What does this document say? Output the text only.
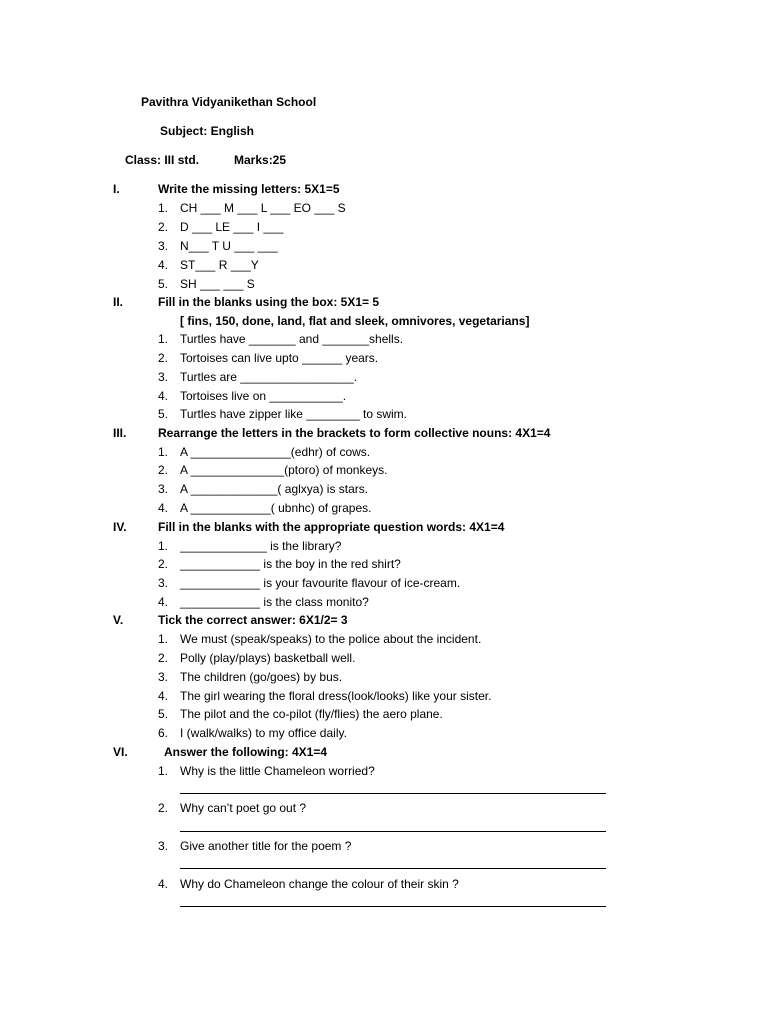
Pavithra Vidyanikethan School
Subject: English
Class: III std.	Marks:25
I.	Write the missing letters: 5X1=5
1. CH ___ M ___ L ___ EO ___ S
2. D ___ LE ___ I ___
3. N___ T U ___ ___
4. ST___ R ___Y
5. SH ___ ___ S
II.	Fill in the blanks using the box: 5X1= 5
[ fins, 150, done, land, flat and sleek, omnivores, vegetarians]
1. Turtles have _______ and _______shells.
2. Tortoises can live upto ______ years.
3. Turtles are _________________.
4. Tortoises live on ___________.
5. Turtles have zipper like ________ to swim.
III.	Rearrange the letters in the brackets to form collective nouns: 4X1=4
1. A _______________(edhr) of cows.
2. A ______________(ptoro) of monkeys.
3. A _____________( aglxya) is stars.
4. A ____________( ubnhc) of grapes.
IV.	Fill in the blanks with the appropriate question words: 4X1=4
1. _____________ is the library?
2. ____________ is the boy in the red shirt?
3. ____________ is your favourite flavour of ice-cream.
4. ____________ is the class monito?
V.	Tick the correct answer: 6X1/2= 3
1. We must (speak/speaks) to the police about the incident.
2. Polly (play/plays) basketball well.
3. The children (go/goes) by bus.
4. The girl wearing the floral dress(look/looks) like your sister.
5. The pilot and the co-pilot (fly/flies) the aero plane.
6. I (walk/walks) to my office daily.
VI.	Answer the following: 4X1=4
1. Why is the little Chameleon worried?
2. Why can’t poet go out ?
3. Give another title for the poem ?
4. Why do Chameleon change the colour of their skin ?
